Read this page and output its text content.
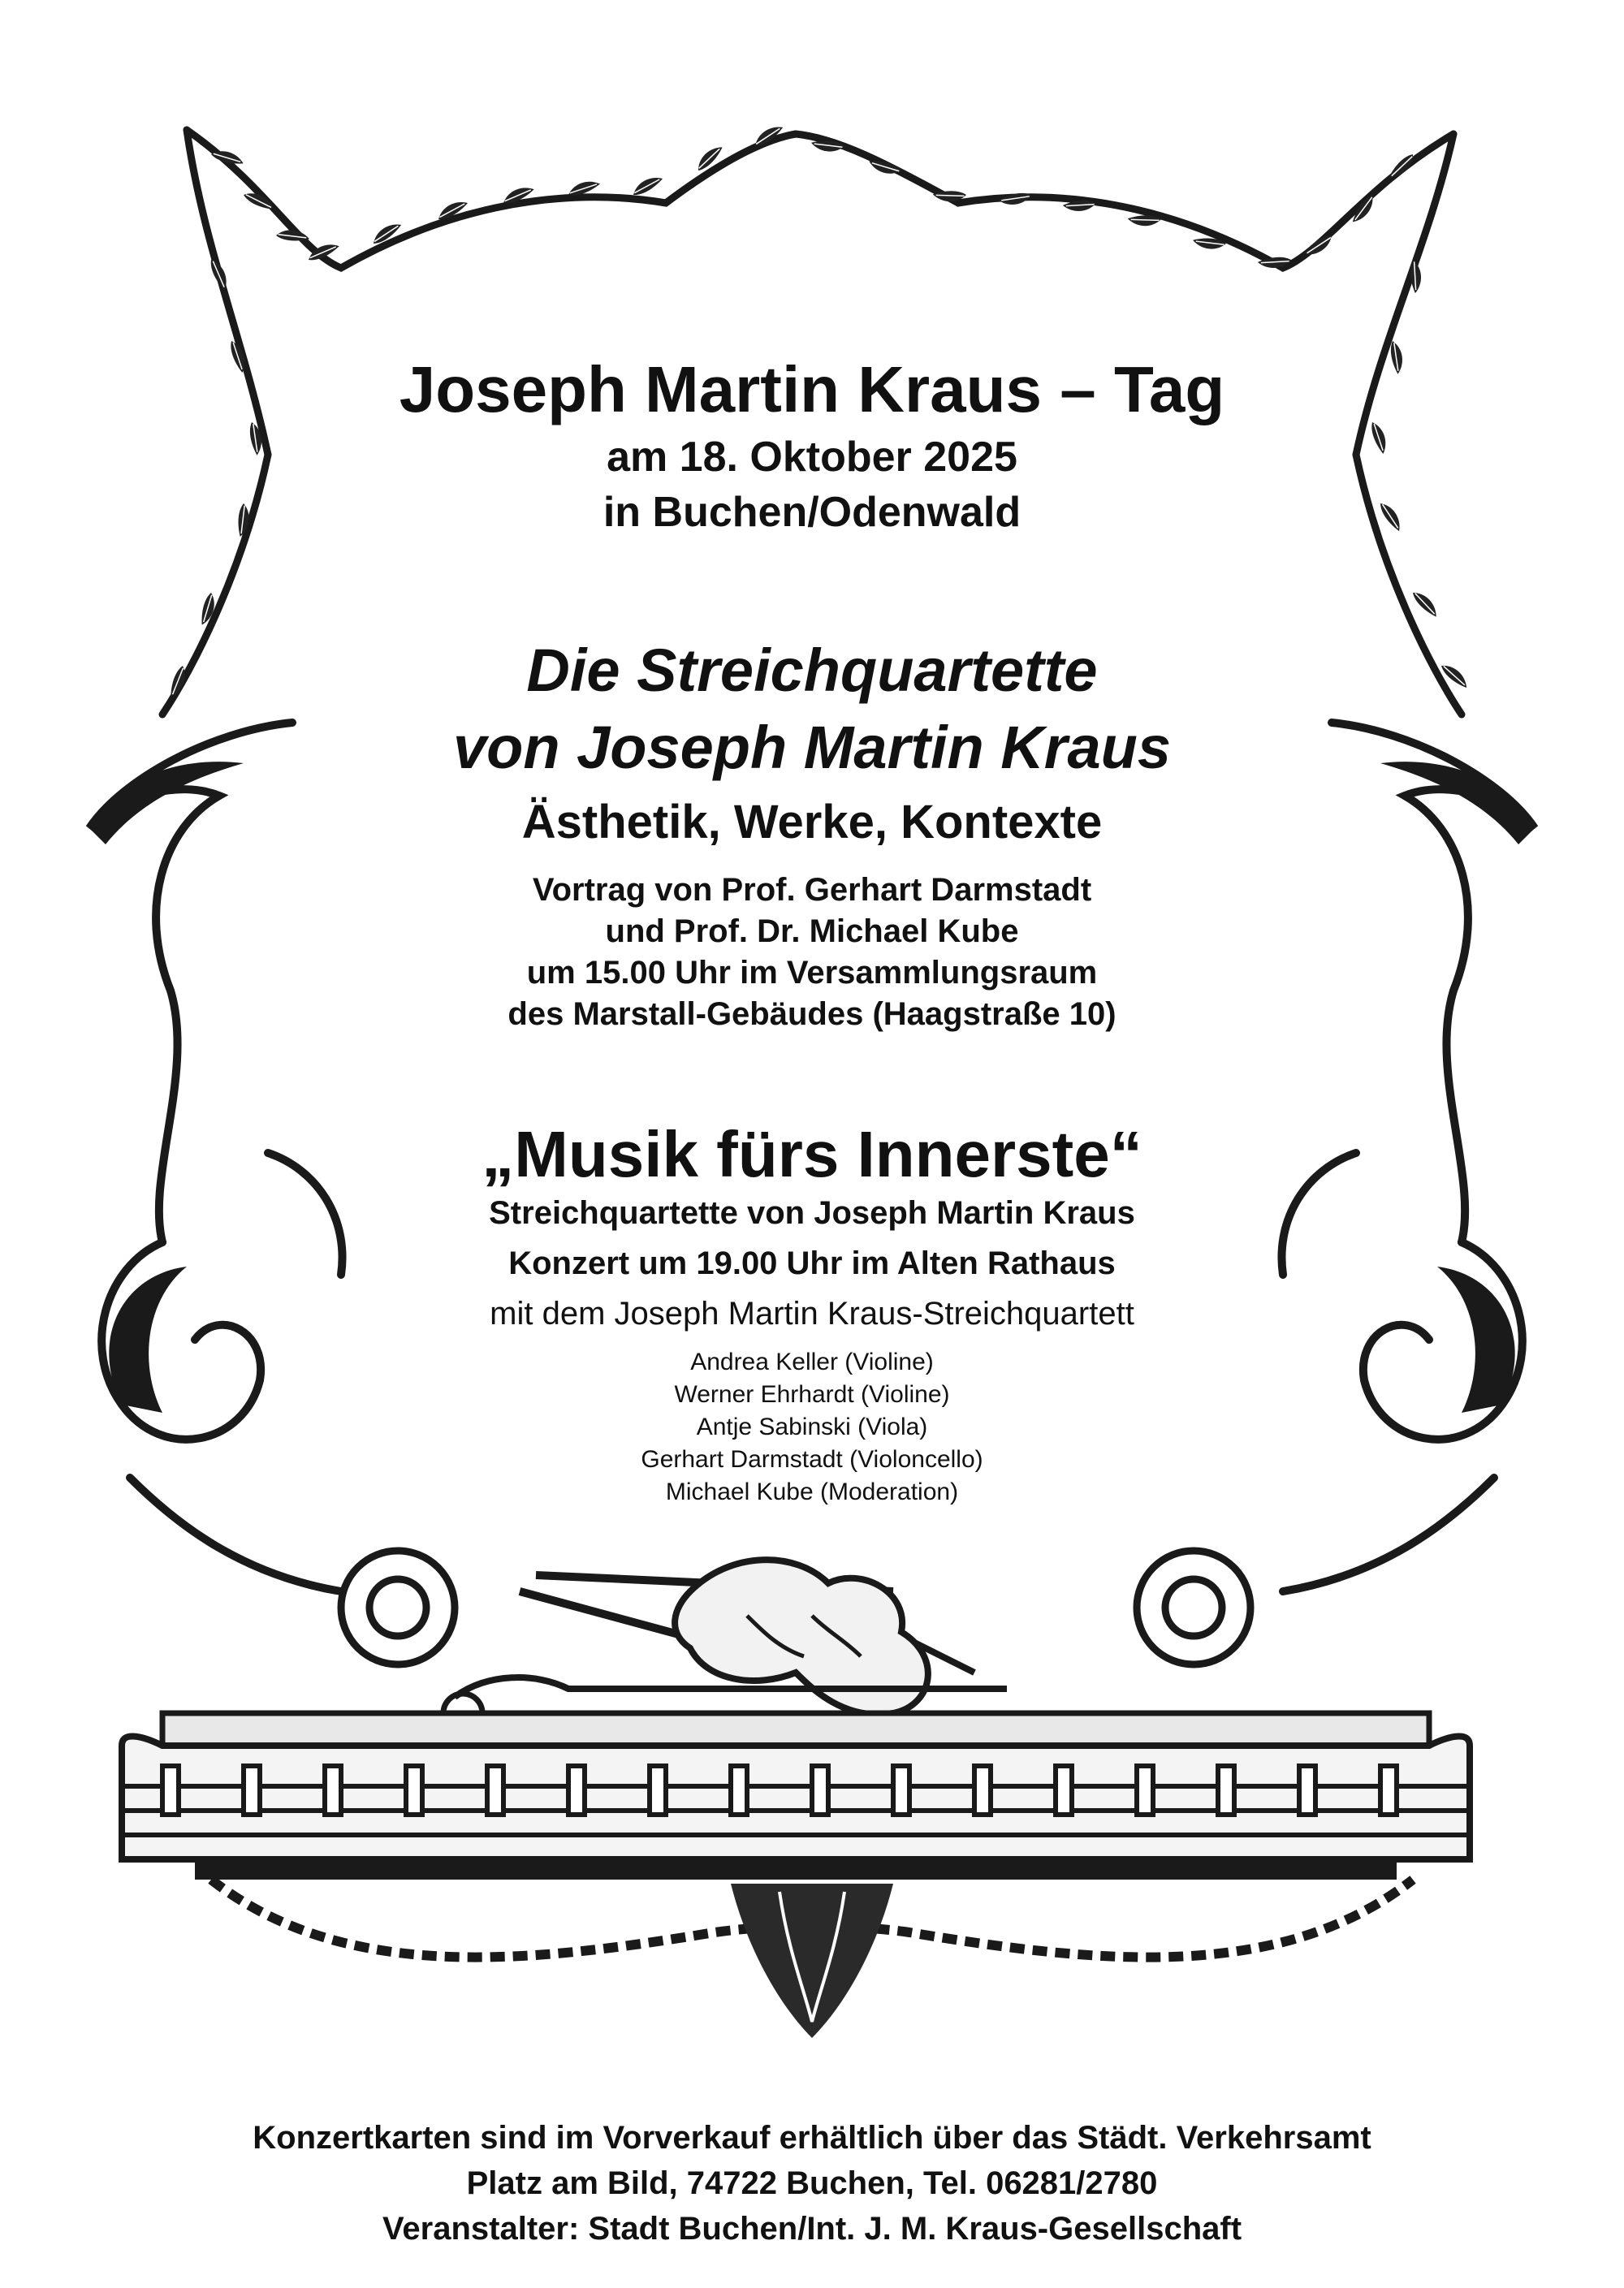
Joseph Martin Kraus – Tag

am 18. Oktober 2025

in Buchen/Odenwald

Die Streichquartette

von Joseph Martin Kraus

Ästhetik, Werke, Kontexte

Vortrag von Prof. Gerhart Darmstadt

und Prof. Dr. Michael Kube

um 15.00 Uhr im Versammlungsraum

des Marstall-Gebäudes (Haagstraße 10)

„Musik fürs Innerste“

Streichquartette von Joseph Martin Kraus

Konzert um 19.00 Uhr im Alten Rathaus

mit dem Joseph Martin Kraus-Streichquartett

Andrea Keller (Violine)

Werner Ehrhardt (Violine)

Antje Sabinski (Viola)

Gerhart Darmstadt (Violoncello)

Michael Kube (Moderation)

Konzertkarten sind im Vorverkauf erhältlich über das Städt. Verkehrsamt

Platz am Bild, 74722 Buchen, Tel. 06281/2780

Veranstalter: Stadt Buchen/Int. J. M. Kraus-Gesellschaft
